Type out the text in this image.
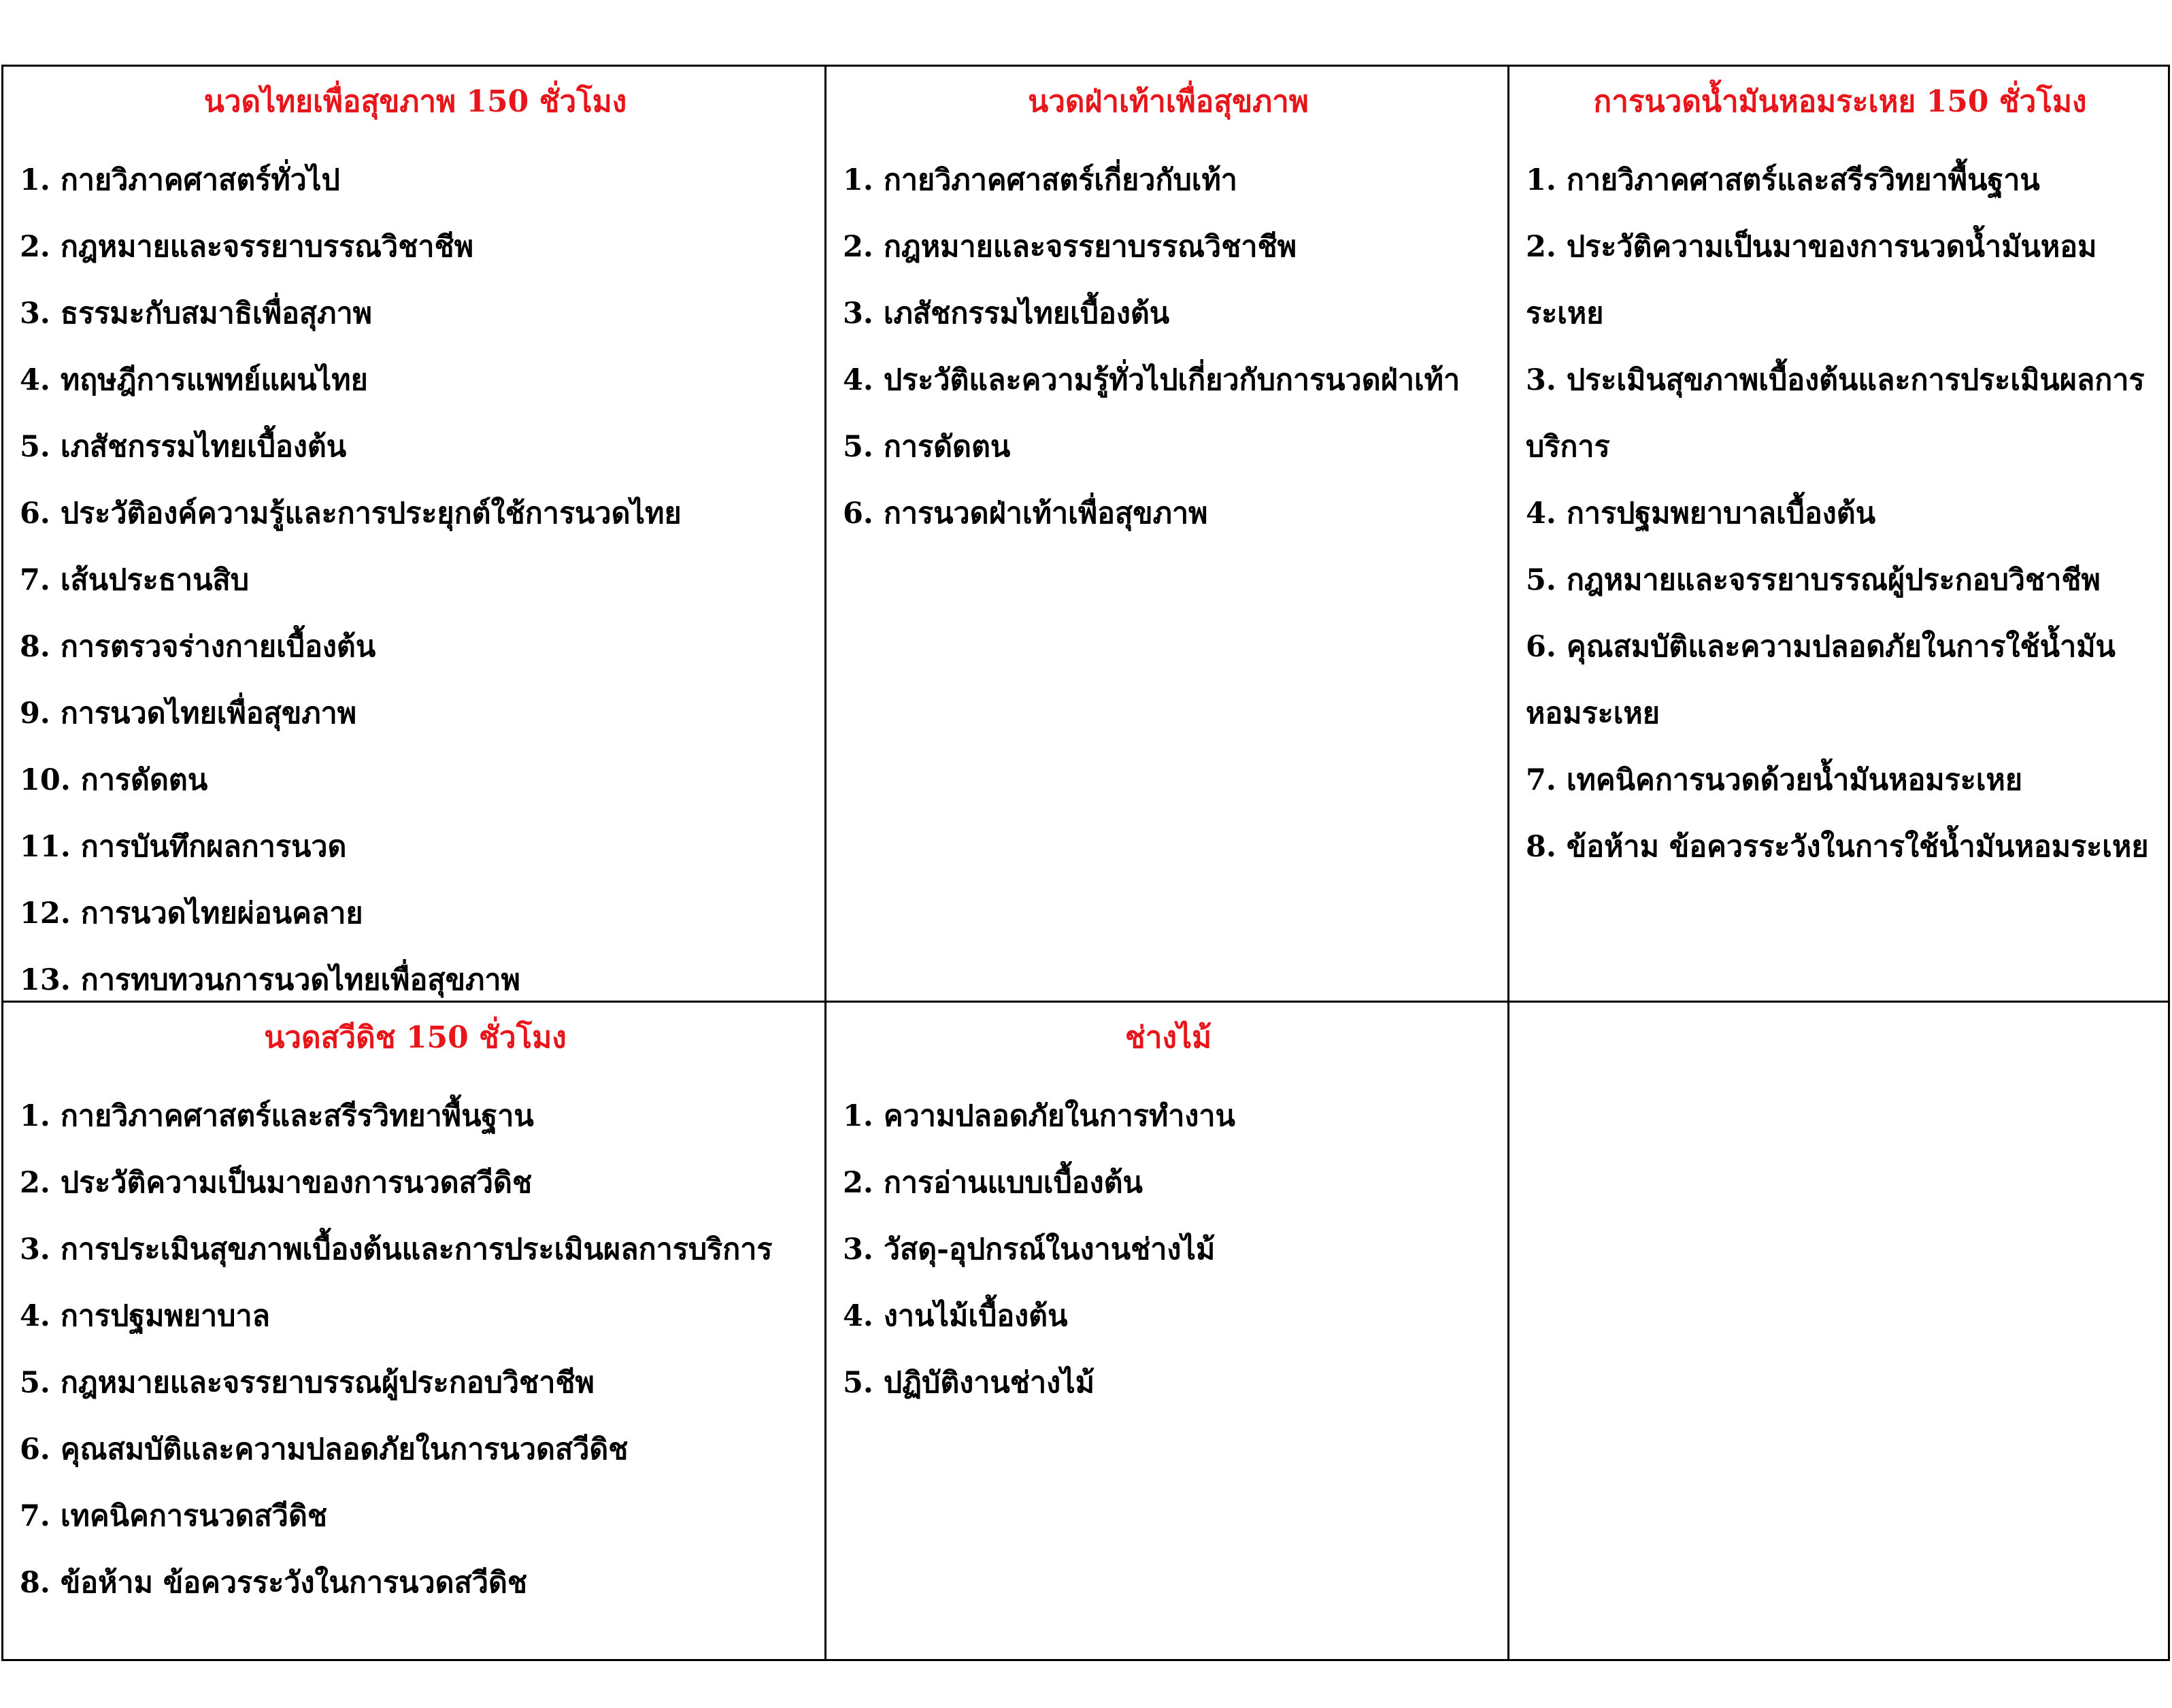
นวดไทยเพื่อสุขภาพ 150 ชั่วโมง
1. กายวิภาคศาสตร์ทั่วไป
2. กฎหมายและจรรยาบรรณวิชาชีพ
3. ธรรมะกับสมาธิเพื่อสุภาพ
4. ทฤษฎีการแพทย์แผนไทย
5. เภสัชกรรมไทยเบื้องต้น
6. ประวัติองค์ความรู้และการประยุกต์ใช้การนวดไทย
7. เส้นประธานสิบ
8. การตรวจร่างกายเบื้องต้น
9. การนวดไทยเพื่อสุขภาพ
10. การดัดตน
11. การบันทึกผลการนวด
12. การนวดไทยผ่อนคลาย
13. การทบทวนการนวดไทยเพื่อสุขภาพ
นวดฝ่าเท้าเพื่อสุขภาพ
1. กายวิภาคศาสตร์เกี่ยวกับเท้า
2. กฎหมายและจรรยาบรรณวิชาชีพ
3. เภสัชกรรมไทยเบื้องต้น
4. ประวัติและความรู้ทั่วไปเกี่ยวกับการนวดฝ่าเท้า
5. การดัดตน
6. การนวดฝ่าเท้าเพื่อสุขภาพ
การนวดน้ำมันหอมระเหย 150 ชั่วโมง
1. กายวิภาคศาสตร์และสรีรวิทยาพื้นฐาน
2. ประวัติความเป็นมาของการนวดน้ำมันหอมระเหย
3. ประเมินสุขภาพเบื้องต้นและการประเมินผลการบริการ
4. การปฐมพยาบาลเบื้องต้น
5. กฎหมายและจรรยาบรรณผู้ประกอบวิชาชีพ
6. คุณสมบัติและความปลอดภัยในการใช้น้ำมันหอมระเหย
7. เทคนิคการนวดด้วยน้ำมันหอมระเหย
8. ข้อห้าม ข้อควรระวังในการใช้น้ำมันหอมระเหย
นวดสวีดิช 150 ชั่วโมง
1. กายวิภาคศาสตร์และสรีรวิทยาพื้นฐาน
2. ประวัติความเป็นมาของการนวดสวีดิช
3. การประเมินสุขภาพเบื้องต้นและการประเมินผลการบริการ
4. การปฐมพยาบาล
5. กฎหมายและจรรยาบรรณผู้ประกอบวิชาชีพ
6. คุณสมบัติและความปลอดภัยในการนวดสวีดิช
7. เทคนิคการนวดสวีดิช
8. ข้อห้าม ข้อควรระวังในการนวดสวีดิช
ช่างไม้
1. ความปลอดภัยในการทำงาน
2. การอ่านแบบเบื้องต้น
3. วัสดุ-อุปกรณ์ในงานช่างไม้
4. งานไม้เบื้องต้น
5. ปฏิบัติงานช่างไม้
